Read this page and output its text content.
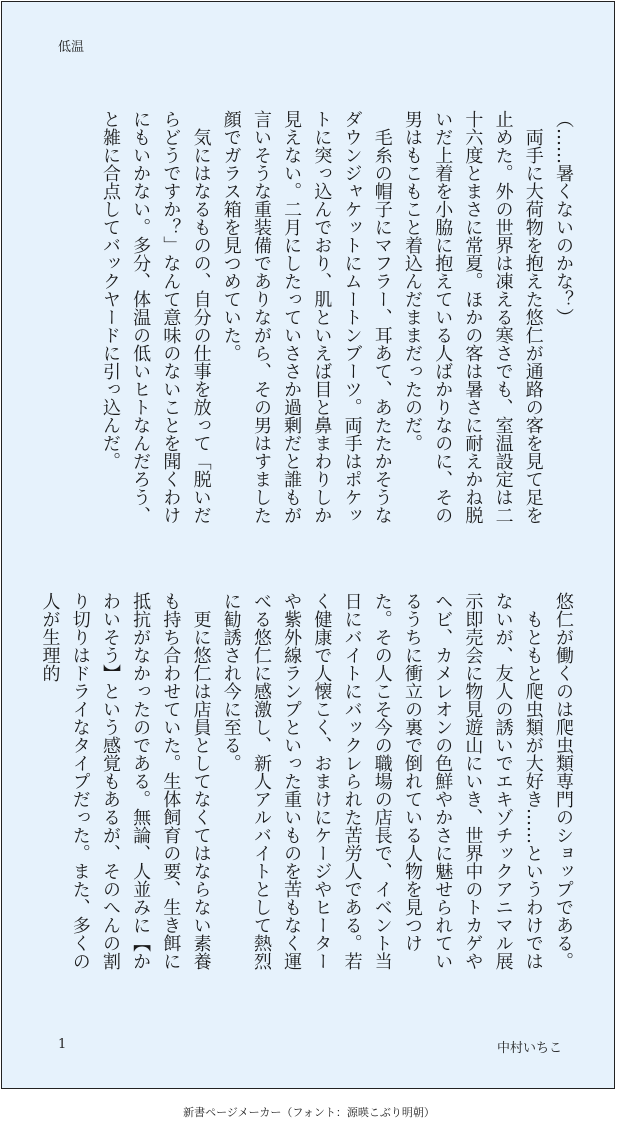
低温

（……暑くないのかな？）

　両手に大荷物を抱えた悠仁が通路の客を見て足を止めた。外の世界は凍える寒さでも、室温設定は二十六度とまさに常夏。ほかの客は暑さに耐えかね脱いだ上着を小脇に抱えている人ばかりなのに、その男はもこもこと着込んだままだったのだ。

　毛糸の帽子にマフラー、耳あて、あたたかそうなダウンジャケットにムートンブーツ。両手はポケットに突っ込んでおり、肌といえば目と鼻まわりしか見えない。二月にしたっていささか過剰だと誰もが言いそうな重装備でありながら、その男はすました顔でガラス箱を見つめていた。

　気にはなるものの、自分の仕事を放って「脱いだらどうですか？」なんて意味のないことを聞くわけにもいかない。多分、体温の低いヒトなんだろう、と雑に合点してバックヤードに引っ込んだ。

悠仁が働くのは爬虫類専門のショップである。

　もともと爬虫類が大好き……というわけではないが、友人の誘いでエキゾチックアニマル展示即売会に物見遊山にいき、世界中のトカゲやヘビ、カメレオンの色鮮やかさに魅せられているうちに衝立の裏で倒れている人物を見つけた。その人こそ今の職場の店長で、イベント当日にバイトにバックレられた苦労人である。若く健康で人懐こく、おまけにケージやヒーターや紫外線ランプといった重いものを苦もなく運べる悠仁に感激し、新人アルバイトとして熱烈に勧誘され今に至る。

　更に悠仁は店員としてなくてはならない素養も持ち合わせていた。生体飼育の要、生き餌に抵抗がなかったのである。無論、人並みに【かわいそう】という感覚もあるが、そのへんの割り切りはドライなタイプだった。また、多くの人が生理的

1	中村いちこ
新書ページメーカー（フォント：源暎こぶり明朝）
